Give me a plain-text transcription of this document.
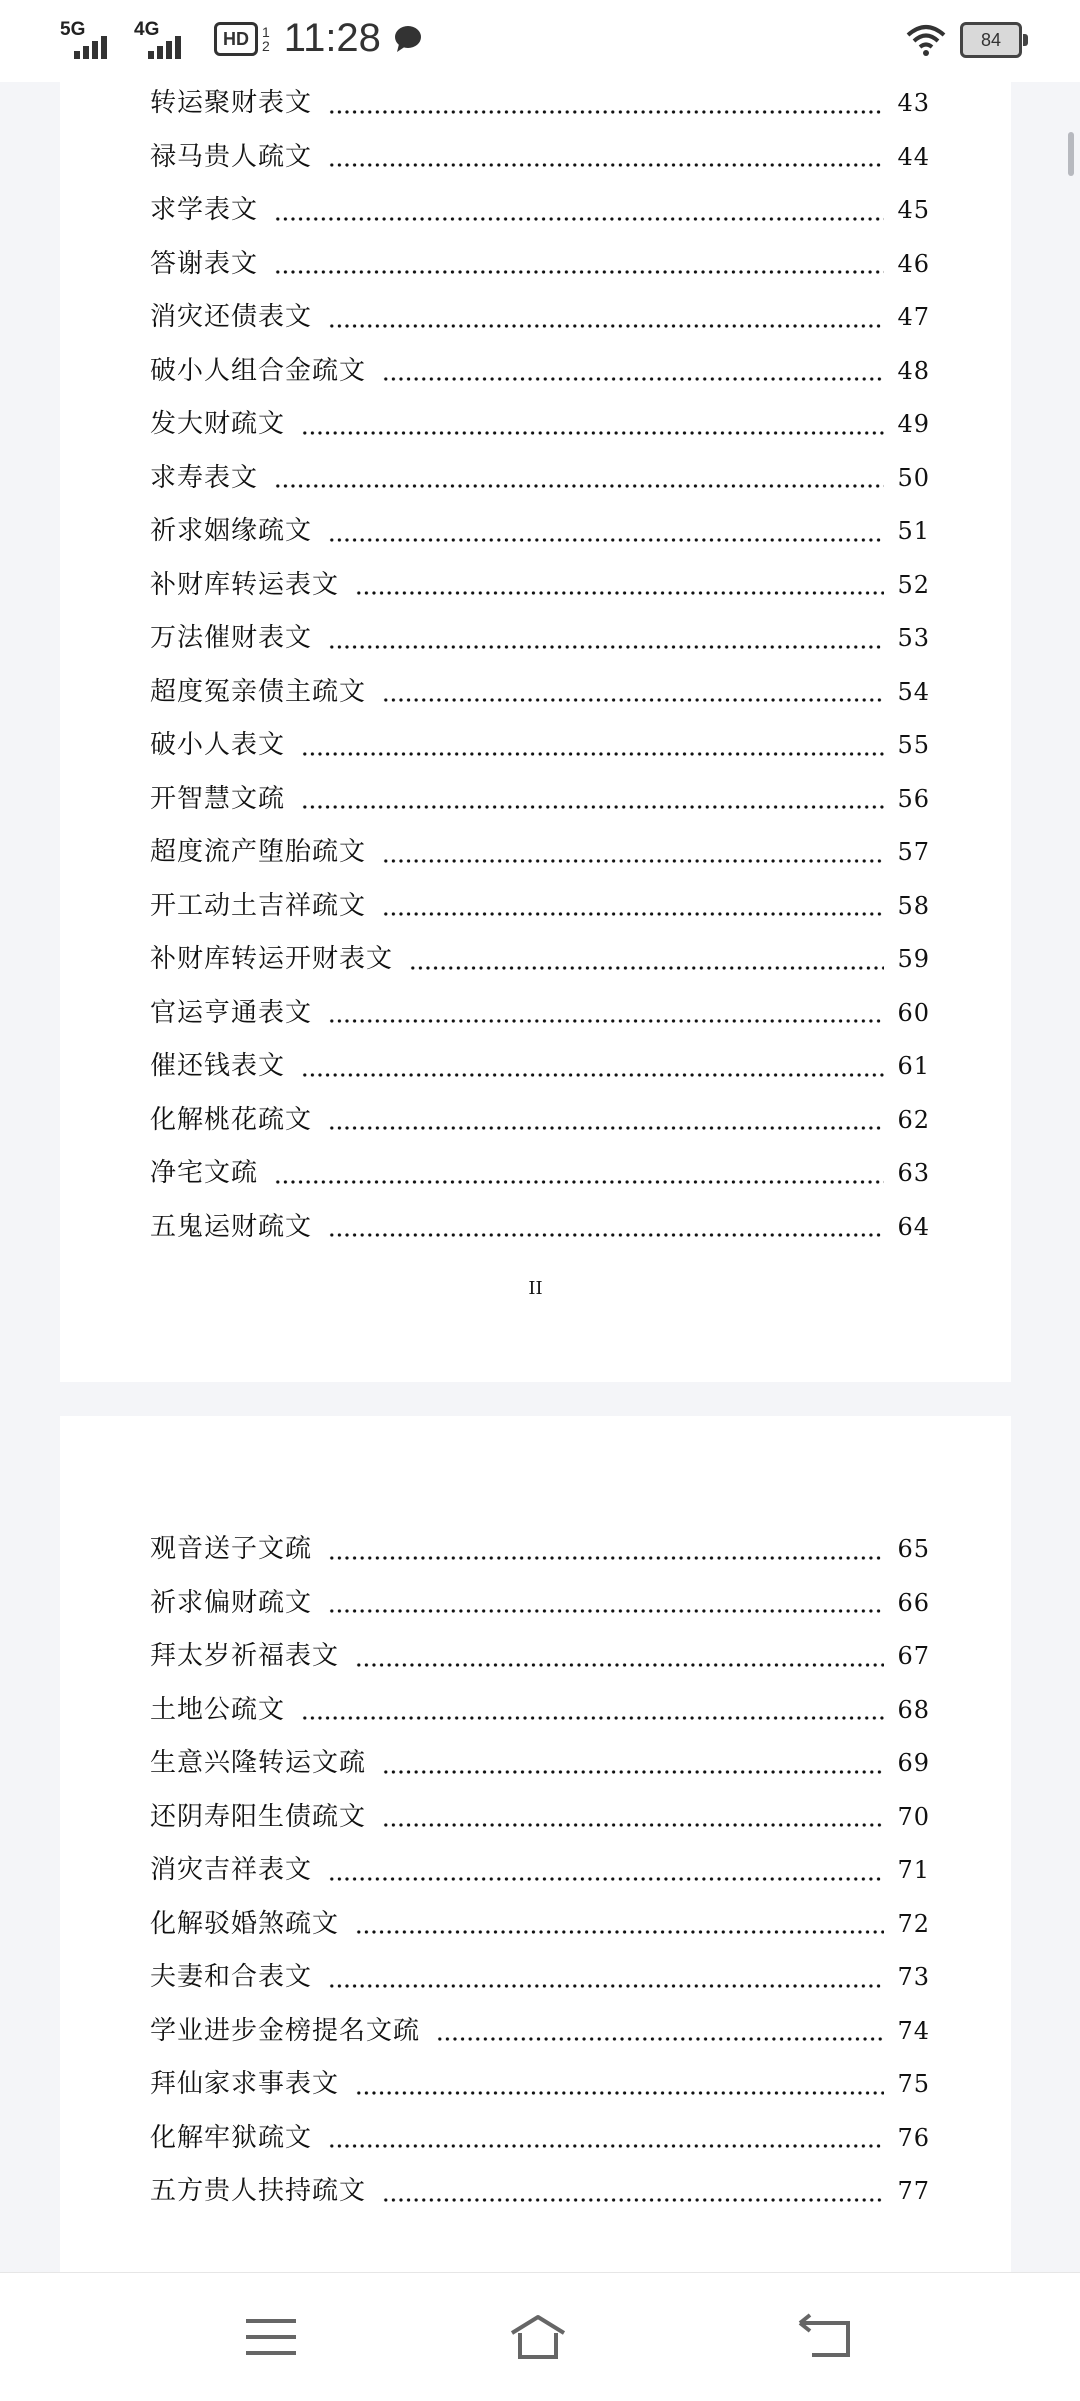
5G	4G	HD 1
2 11:28	84
转运聚财表文	43
禄马贵人疏文	44
求学表文	45
答谢表文	46
消灾还债表文	47
破小人组合金疏文	48
发大财疏文	49
求寿表文	50
祈求姻缘疏文	51
补财库转运表文	52
万法催财表文	53
超度冤亲债主疏文	54
破小人表文	55
开智慧文疏	56
超度流产堕胎疏文	57
开工动土吉祥疏文	58
补财库转运开财表文	59
官运亨通表文	60
催还钱表文	61
化解桃花疏文	62
净宅文疏	63
五鬼运财疏文	64
II
观音送子文疏	65
祈求偏财疏文	66
拜太岁祈福表文	67
土地公疏文	68
生意兴隆转运文疏	69
还阴寿阳生债疏文	70
消灾吉祥表文	71
化解驳婚煞疏文	72
夫妻和合表文	73
学业进步金榜提名文疏	74
拜仙家求事表文	75
化解牢狱疏文	76
五方贵人扶持疏文	77
